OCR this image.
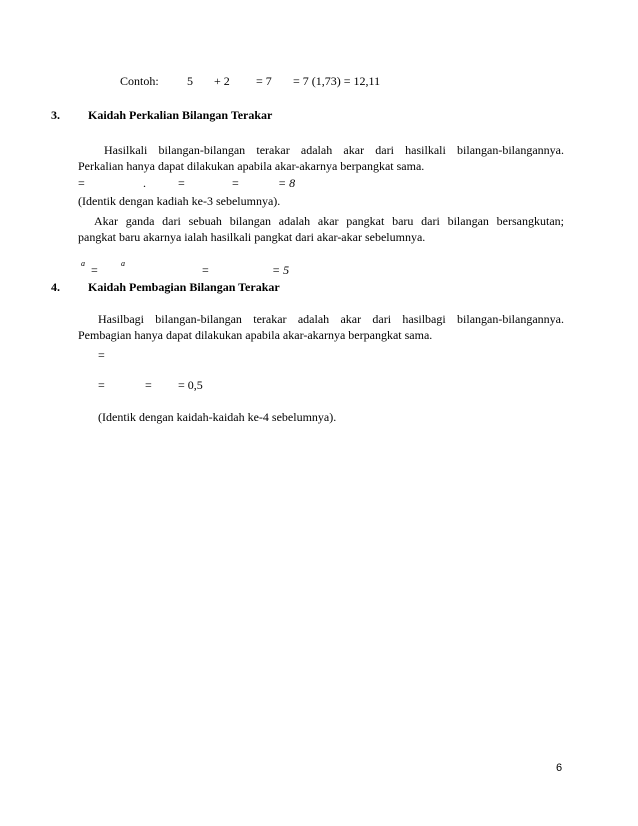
Contoh: 5 + 2 = 7 = 7 (1,73) = 12,11
3. Kaidah Perkalian Bilangan Terakar
Hasilkali bilangan-bilangan terakar adalah akar dari hasilkali bilangan-bilangannya.
Perkalian hanya dapat dilakukan apabila akar-akarnya berpangkat sama.
=	.	=	=	= 8
(Identik dengan kadiah ke-3 sebelumnya).
Akar ganda dari sebuah bilangan adalah akar pangkat baru dari bilangan bersangkutan;
pangkat baru akarnya ialah hasilkali pangkat dari akar-akar sebelumnya.
a =	a	=	= 5
4. Kaidah Pembagian Bilangan Terakar
Hasilbagi bilangan-bilangan terakar adalah akar dari hasilbagi bilangan-bilangannya.
Pembagian hanya dapat dilakukan apabila akar-akarnya berpangkat sama.
=
=	= = 0,5
(Identik dengan kaidah-kaidah ke-4 sebelumnya).
6
